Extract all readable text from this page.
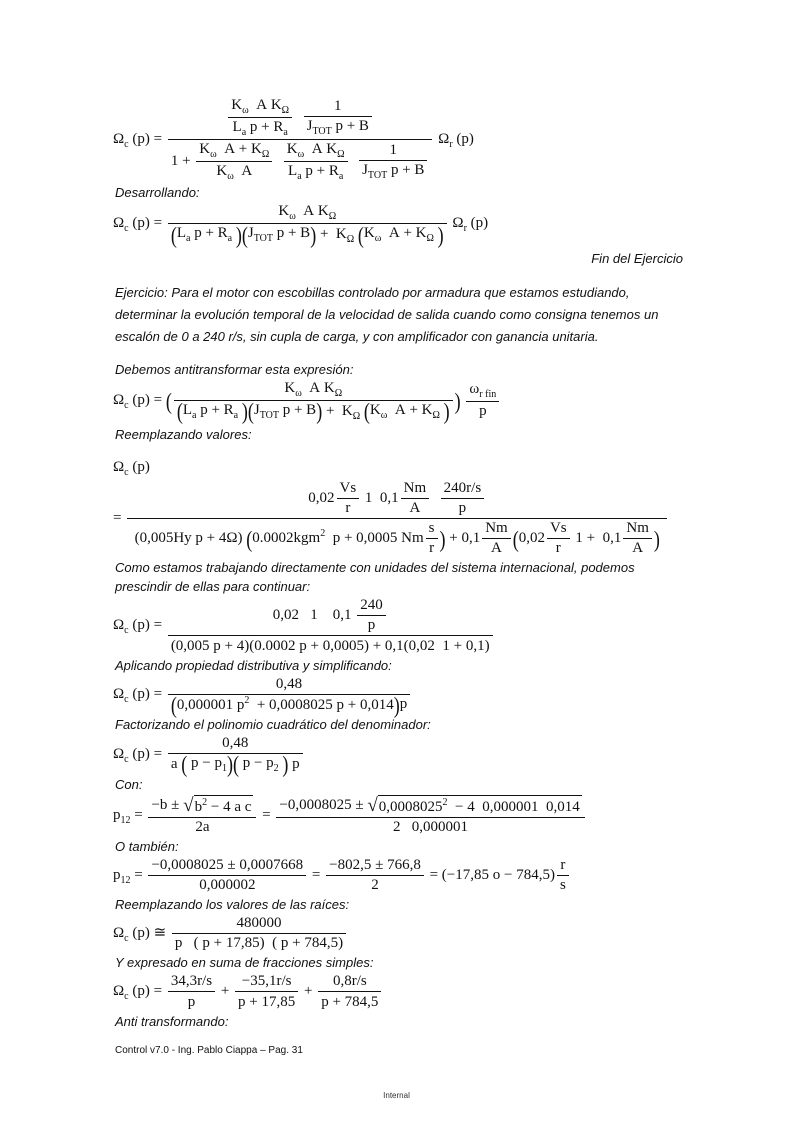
Ωc $(p) = \frac{\text{Kω  A KΩ}}{\text{La p + Ra}}$
$\frac{1}{\text{JTOT p + B}}$
$1 + \frac{\text{Kω  A + KΩ}}{\text{Kω  A}}$
$\frac{\text{Kω  A KΩ}}{\text{La p + Ra}}$
$\frac{1}{\text{JTOT p + B}}$ Ωr (p)
Desarrollando:
Ωc $(p) = \frac{\text{Kω  A KΩ}}{\text{(La p + Ra )(JTOT p + B) +  KΩ (Kω  A + KΩ )}}$ Ωr (p)
Fin del Ejercicio
Ejercicio: Para el motor con escobillas controlado por armadura que estamos estudiando,
determinar la evolución temporal de la velocidad de salida cuando como consigna tenemos un
escalón de 0 a 240 r/s, sin cupla de carga, y con amplificador con ganancia unitaria.
Debemos antitransformar esta expresión:
Ωc (p) = ( $\frac{\text{Kω  A KΩ}}{\text{(La p + Ra )(JTOT p + B) +  KΩ (Kω  A + KΩ )}}$ ) $\frac{\text{ωr fin}}{p}$
Reemplazando valores:
Ωc (p)
=
$0,02 \frac{Vs}{r} 1$  $0,1 \frac{Nm}{A}$
$\frac{240r/s}{p}$
(0,005Hy p + 4Ω) (0.0002kgm2  p + 0,0005 Nm $\frac{s}{r}$ ) + $0,1 \frac{Nm}{A} (0,02 \frac{Vs}{r} 1 + 0,1 \frac{Nm}{A}$ )
Como estamos trabajando directamente con unidades del sistema internacional, podemos
prescindir de ellas para continuar:
Ωc $(p) = \frac{0,02 1 0,1 \frac{240}{p}}{(0,005 p + 4)(0.0002 p + 0,0005) + 0,1(0,02 1 + 0,1)}$
Aplicando propiedad distributiva y simplificando:
Ωc $(p) = \frac{0,48}{(0,000001 p2 + 0,0008025 p + 0,014)p}$
Factorizando el polinomio cuadrático del denominador:
Ωc $(p) = \frac{0,48}{a ( p - p1)( p - p2 ) p}$
Con:
$p12 = \frac{\text{−b ± √b2 − 4 a c}}{2a} = \frac{-0,0008025 \pm √0,00080252 - 4 0,000001 0,014}{2 0,000001}$
O también:
$p12 = \frac{-0,0008025 \pm 0,0007668}{0,000002} = \frac{-802,5 \pm 766,8}{2} = (-17,85$ $o - 784,5) \frac{r}{s}$
Reemplazando los valores de las raíces:
Ωc (p) ≅ $\frac{480000}{p ( p + 17,85) ( p + 784,5)}$
Y expresado en suma de fracciones simples:
Ωc $(p) = \frac{34,3r/s}{p} + \frac{-35,1r/s}{p + 17,85} + \frac{0,8r/s}{p + 784,5}$
Anti transformando:
Control v7.0 - Ing. Pablo Ciappa – Pag. 31
Internal
